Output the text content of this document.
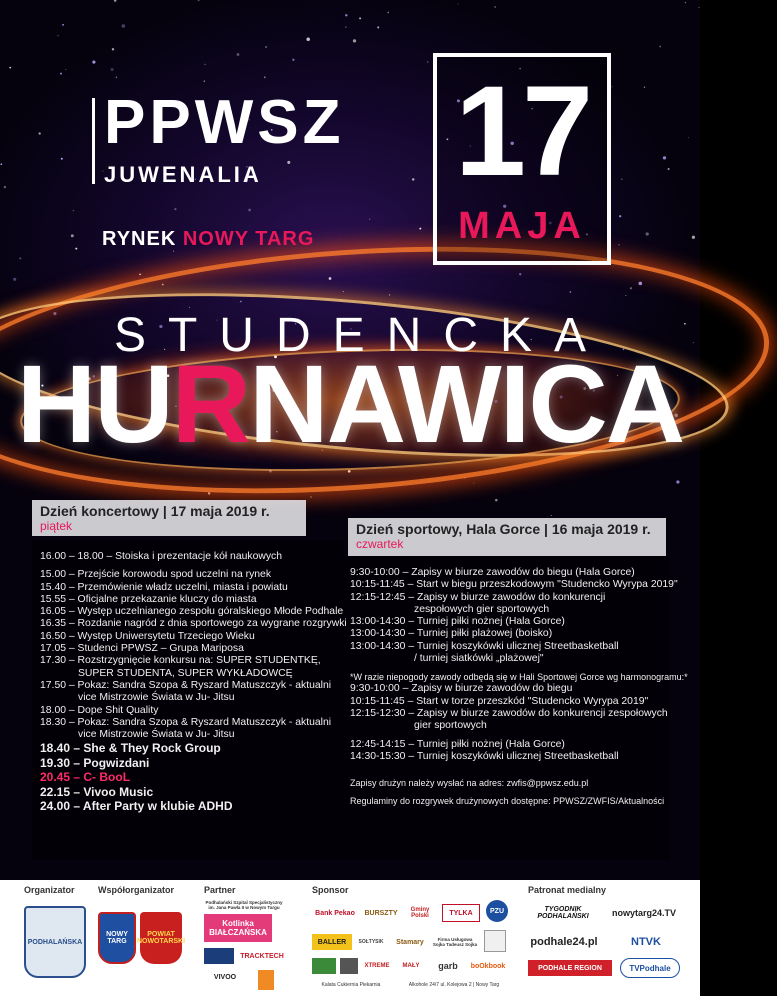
PPWSZ
JUWENALIA
RYNEK NOWY TARG
17
MAJA
STUDENCKA
HURNAWICA
Dzień koncertowy | 17 maja 2019 r.
piątek	Dzień sportowy, Hala Gorce | 16 maja 2019 r.
czwartek
16.00 – 18.00 – Stoiska i prezentacje kół naukowych
15.00 – Przejście korowodu spod uczelni na rynek
15.40 – Przemówienie władz uczelni, miasta i powiatu
15.55 – Oficjalne przekazanie kluczy do miasta
16.05 – Występ uczelnianego zespołu góralskiego Młode Podhale
16.35 – Rozdanie nagród z dnia sportowego za wygrane rozgrywki
16.50 – Występ Uniwersytetu Trzeciego Wieku
17.05 – Studenci PPWSZ – Grupa Mariposa
17.30 – Rozstrzygnięcie konkursu na: SUPER STUDENTKĘ,
SUPER STUDENTA, SUPER WYKŁADOWCĘ
17.50 – Pokaz: Sandra Szopa & Ryszard Matuszczyk - aktualni
vice Mistrzowie Świata w Ju- Jitsu
18.00 – Dope Shit Quality
18.30 – Pokaz: Sandra Szopa & Ryszard Matuszczyk - aktualni
vice Mistrzowie Świata w Ju- Jitsu
18.40 – She & They Rock Group
19.30 – Pogwizdani
20.45 – C- BooL
22.15 – Vivoo Music
24.00 – After Party w klubie ADHD
9:30-10:00 – Zapisy w biurze zawodów do biegu (Hala Gorce)
10:15-11:45 – Start w biegu przeszkodowym "Studencko Wyrypa 2019"
12:15-12:45 – Zapisy w biurze zawodów do konkurencji
zespołowych gier sportowych
13:00-14:30 – Turniej piłki nożnej (Hala Gorce)
13:00-14:30 – Turniej piłki plażowej (boisko)
13:00-14:30 – Turniej koszykówki ulicznej Streetbasketball
/ turniej siatkówki „plażowej"
*W razie niepogody zawody odbędą się w Hali Sportowej Gorce wg harmonogramu:*
9:30-10:00 – Zapisy w biurze zawodów do biegu
10:15-11:45 – Start w torze przeszkód "Studencko Wyrypa 2019"
12:15-12:30 – Zapisy w biurze zawodów do konkurencji zespołowych
gier sportowych
12:45-14:15 – Turniej piłki nożnej (Hala Gorce)
14:30-15:30 – Turniej koszykówki ulicznej Streetbasketball
Zapisy drużyn należy wysłać na adres: zwfis@ppwsz.edu.pl
Regulaminy do rozgrywek drużynowych dostępne: PPWSZ/ZWFIS/Aktualności
Organizator	Współorganizator	Partner	Sponsor	Patronat medialny
PODHALAŃSKA
NOWY TARG
POWIAT NOWOTARSKI
Podhalański Szpital Specjalistyczny im. Jana Pawła II w Nowym Targu
Kotlinka BIAŁCZAŃSKA
TRACKTECH
VIVOO
Bank Pekao	BURSZTY	Gminy Polski	TYLKA	PZU
BALLER	SOŁTYSIK	Stamary	Firma Usługowa Sojka Tadeusz Sojka
XTREME	MAŁY	garb	boOkbook
Kalata Cukiernia Piekarnia	Alkohole 24/7 ul. Kolejowa 2 | Nowy Targ
TYGODNIK PODHALAŃSKI	nowytarg24.TV
podhale24.pl	NTVK
PODHALE REGION	TVPodhale
